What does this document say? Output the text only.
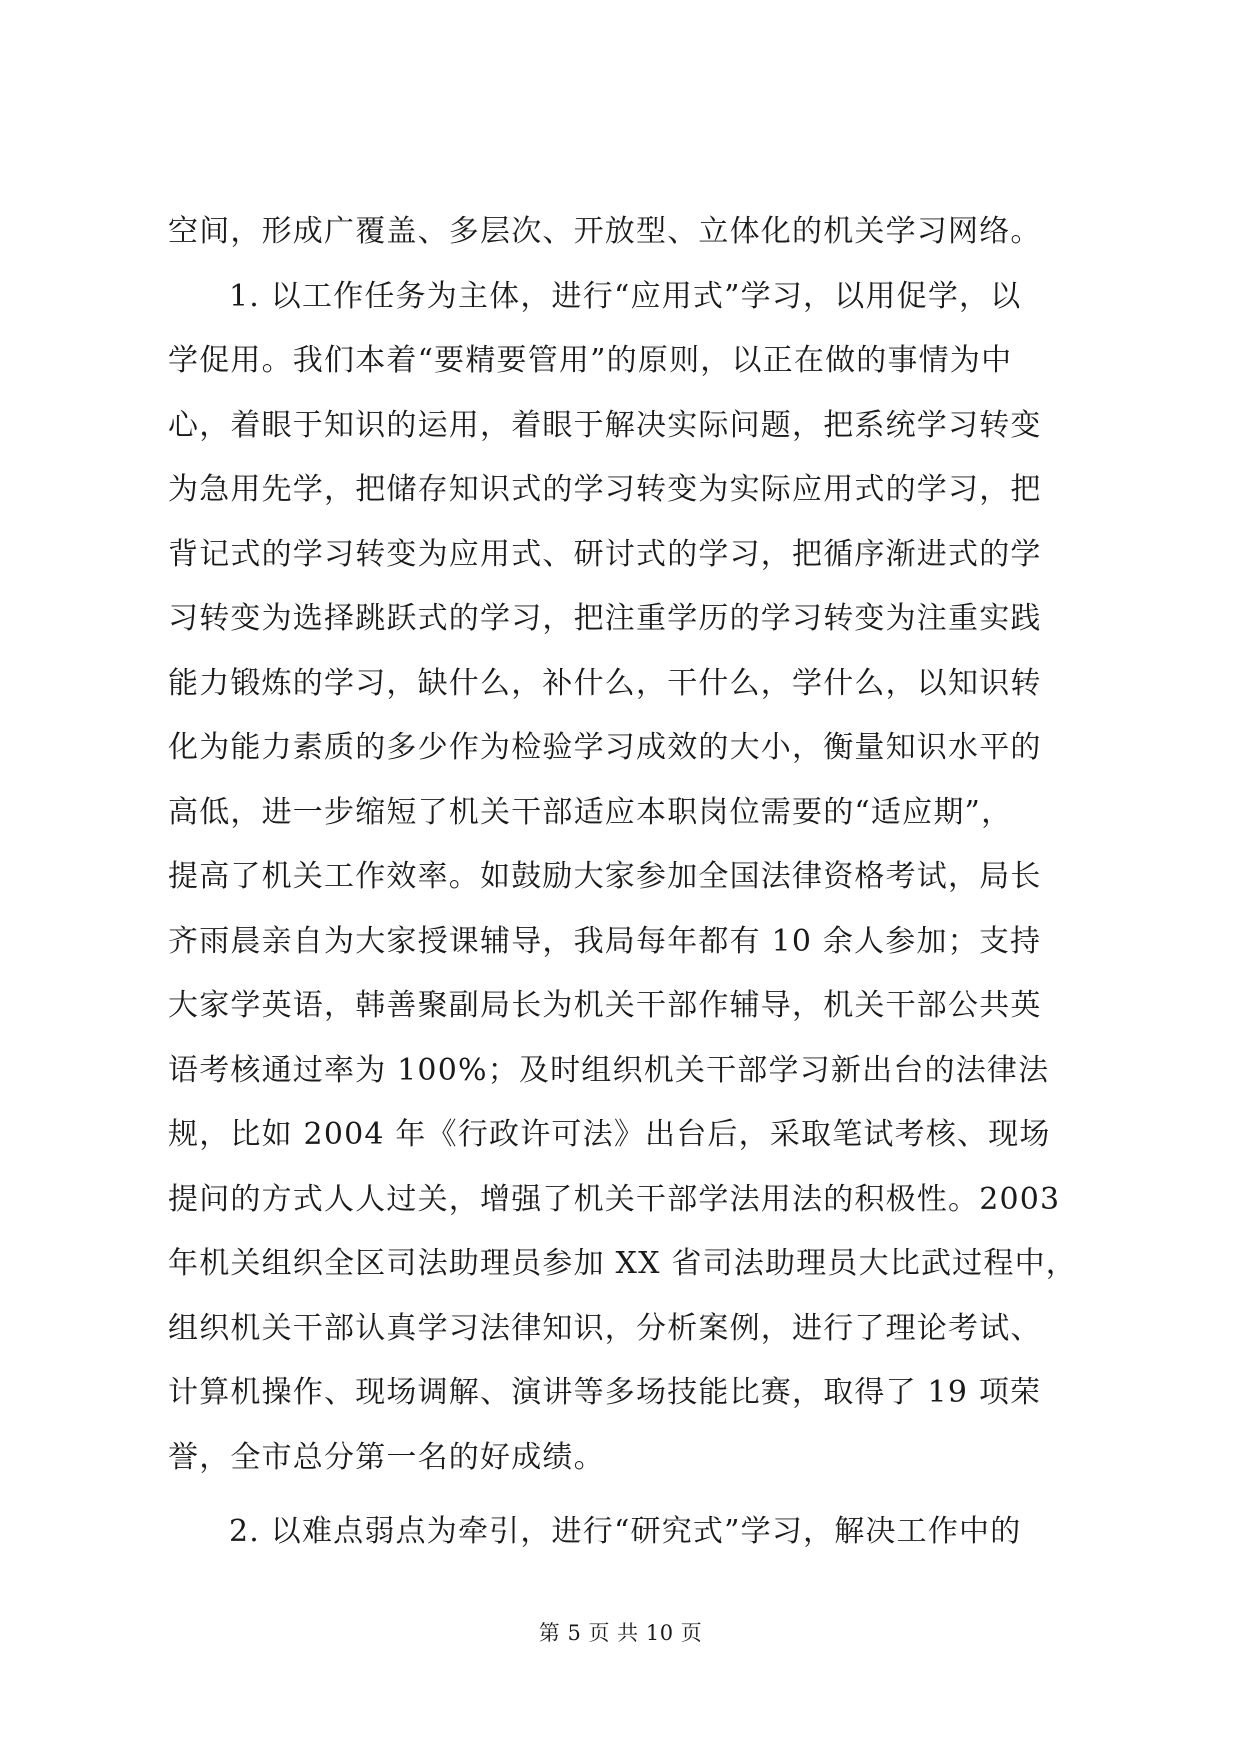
空间，形成广覆盖、多层次、开放型、立体化的机关学习网络。
1. 以工作任务为主体，进行“应用式”学习，以用促学，以
学促用。我们本着“要精要管用”的原则，以正在做的事情为中
心，着眼于知识的运用，着眼于解决实际问题，把系统学习转变
为急用先学，把储存知识式的学习转变为实际应用式的学习，把
背记式的学习转变为应用式、研讨式的学习，把循序渐进式的学
习转变为选择跳跃式的学习，把注重学历的学习转变为注重实践
能力锻炼的学习，缺什么，补什么，干什么，学什么，以知识转
化为能力素质的多少作为检验学习成效的大小，衡量知识水平的
高低，进一步缩短了机关干部适应本职岗位需要的“适应期”，
提高了机关工作效率。如鼓励大家参加全国法律资格考试，局长
齐雨晨亲自为大家授课辅导，我局每年都有 10 余人参加；支持
大家学英语，韩善聚副局长为机关干部作辅导，机关干部公共英
语考核通过率为 100%；及时组织机关干部学习新出台的法律法
规，比如 2004 年《行政许可法》出台后，采取笔试考核、现场
提问的方式人人过关，增强了机关干部学法用法的积极性。2003
年机关组织全区司法助理员参加 XX 省司法助理员大比武过程中，
组织机关干部认真学习法律知识，分析案例，进行了理论考试、
计算机操作、现场调解、演讲等多场技能比赛，取得了 19 项荣
誉，全市总分第一名的好成绩。
2. 以难点弱点为牵引，进行“研究式”学习，解决工作中的
第 5 页 共 10 页
